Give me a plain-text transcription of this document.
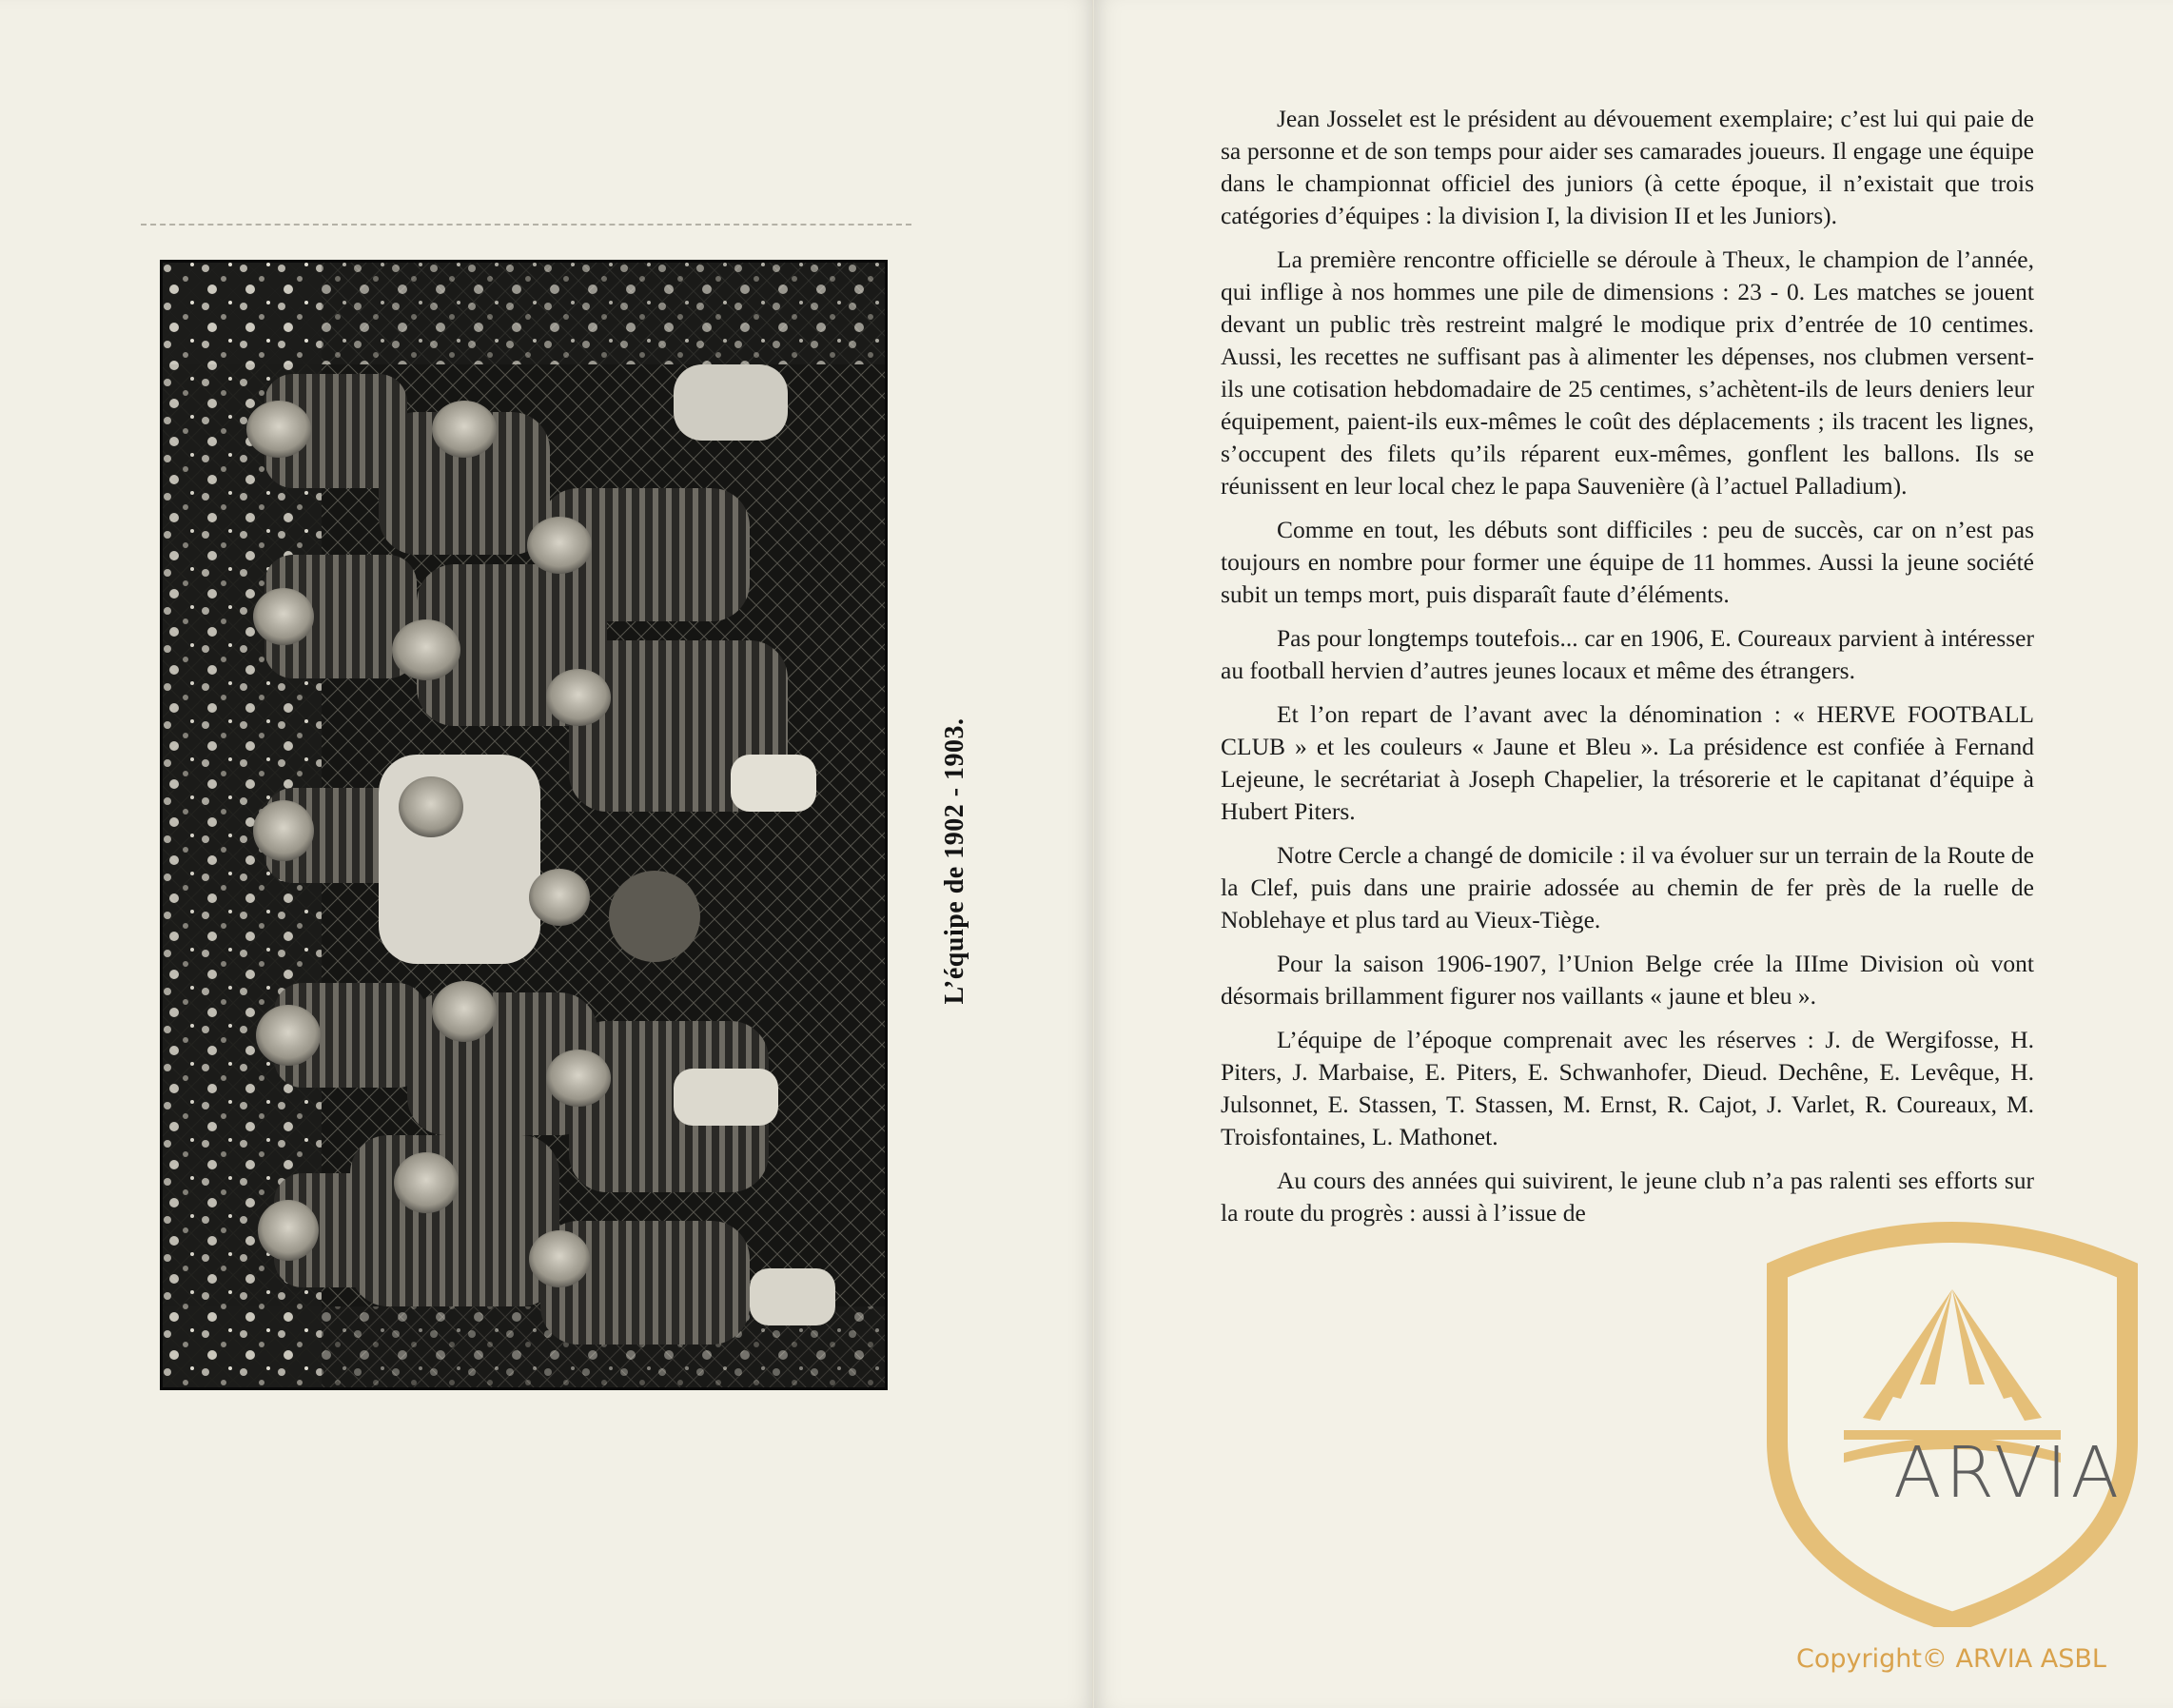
L’équipe de 1902 - 1903.

Jean Josselet est le président au dévouement exemplaire; c’est lui qui paie de sa personne et de son temps pour aider ses camarades joueurs. Il engage une équipe dans le championnat officiel des juniors (à cette époque, il n’existait que trois catégories d’équipes : la division I, la division II et les Juniors).

La première rencontre officielle se déroule à Theux, le champion de l’année, qui inflige à nos hommes une pile de dimensions : 23 - 0. Les matches se jouent devant un public très restreint malgré le modique prix d’entrée de 10 centimes. Aussi, les recettes ne suffisant pas à alimenter les dépenses, nos clubmen versent-ils une cotisation hebdomadaire de 25 centimes, s’achètent-ils de leurs deniers leur équipement, paient-ils eux-mêmes le coût des déplacements ; ils tracent les lignes, s’occupent des filets qu’ils réparent eux-mêmes, gonflent les ballons. Ils se réunissent en leur local chez le papa Sauvenière (à l’actuel Palladium).

Comme en tout, les débuts sont difficiles : peu de succès, car on n’est pas toujours en nombre pour former une équipe de 11 hommes. Aussi la jeune société subit un temps mort, puis disparaît faute d’éléments.

Pas pour longtemps toutefois... car en 1906, E. Coureaux parvient à intéresser au football hervien d’autres jeunes locaux et même des étrangers.

Et l’on repart de l’avant avec la dénomination : « HERVE FOOTBALL CLUB » et les couleurs « Jaune et Bleu ». La présidence est confiée à Fernand Lejeune, le secrétariat à Joseph Chapelier, la trésorerie et le capitanat d’équipe à Hubert Piters.

Notre Cercle a changé de domicile : il va évoluer sur un terrain de la Route de la Clef, puis dans une prairie adossée au chemin de fer près de la ruelle de Noblehaye et plus tard au Vieux-Tiège.

Pour la saison 1906-1907, l’Union Belge crée la IIIme Division où vont désormais brillamment figurer nos vaillants « jaune et bleu ».

L’équipe de l’époque comprenait avec les réserves : J. de Wergifosse, H. Piters, J. Marbaise, E. Piters, E. Schwanhofer, Dieud. Dechêne, E. Levêque, H. Julsonnet, E. Stassen, T. Stassen, M. Ernst, R. Cajot, J. Varlet, R. Coureaux, M. Troisfontaines, L. Mathonet.

Au cours des années qui suivirent, le jeune club n’a pas ralenti ses efforts sur la route du progrès : aussi à l’issue de

ARVIA
Copyright© ARVIA ASBL
